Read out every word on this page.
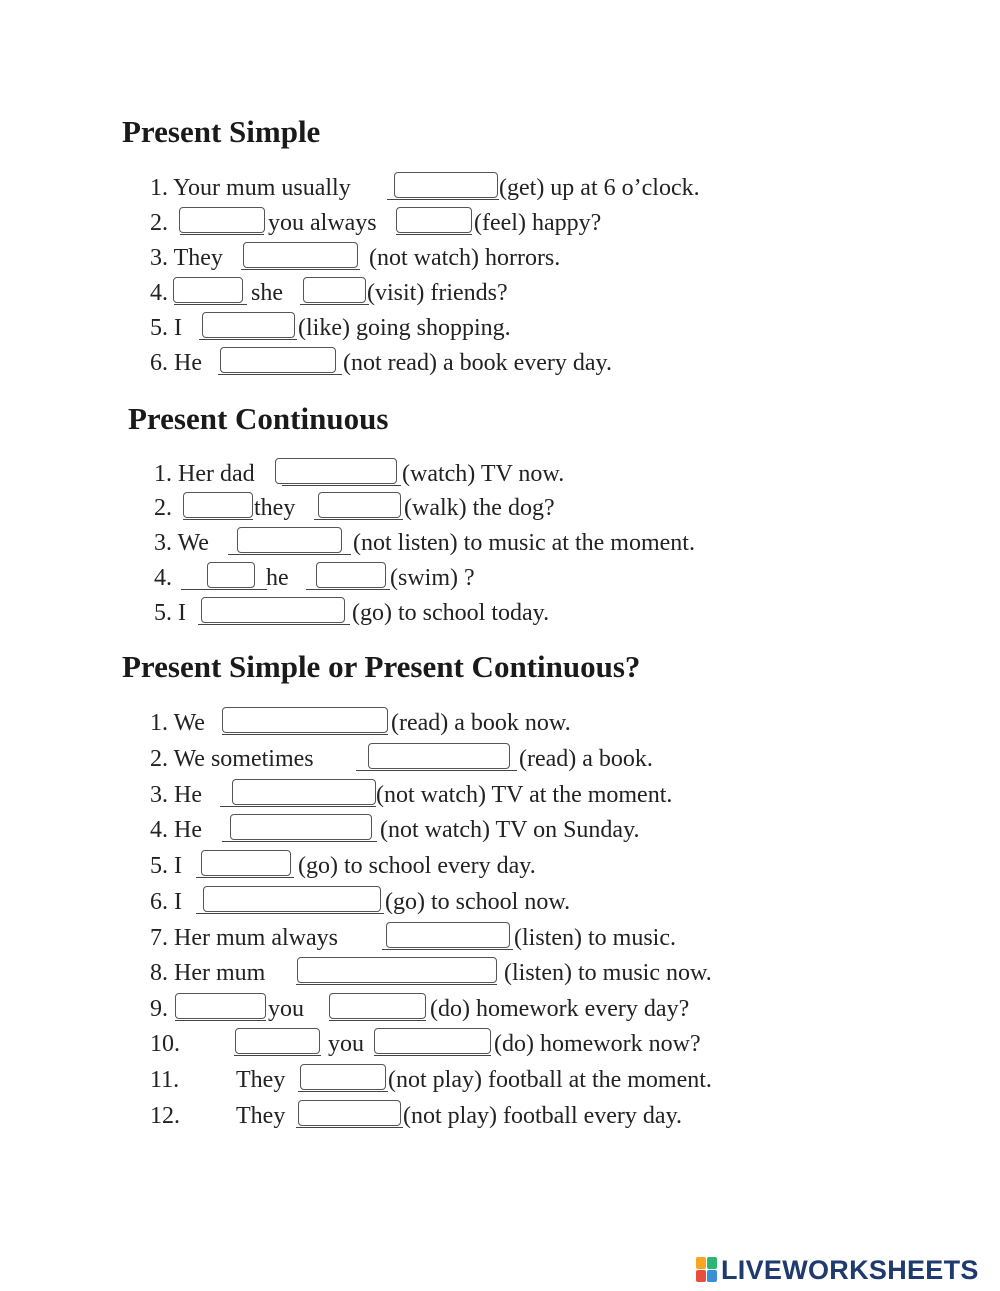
Present Simple
1. Your mum usually	(get) up at 6 o’clock.
2.	you always	(feel) happy?
3. They	(not watch) horrors.
4.	she	(visit) friends?
5. I	(like) going shopping.
6. He	(not read) a book every day.
Present Continuous
1. Her dad	(watch) TV now.
2.	they	(walk) the dog?
3. We	(not listen) to music at the moment.
4.	he	(swim) ?
5. I	(go) to school today.
Present Simple or Present Continuous?
1. We	(read) a book now.
2. We sometimes	(read) a book.
3. He	(not watch) TV at the moment.
4. He	(not watch) TV on Sunday.
5. I	(go) to school every day.
6. I	(go) to school now.
7. Her mum always	(listen) to music.
8. Her mum	(listen) to music now.
9.	you	(do) homework every day?
10.	you	(do) homework now?
11. They	(not play) football at the moment.
12. They	(not play) football every day.
LIVEWORKSHEETS
